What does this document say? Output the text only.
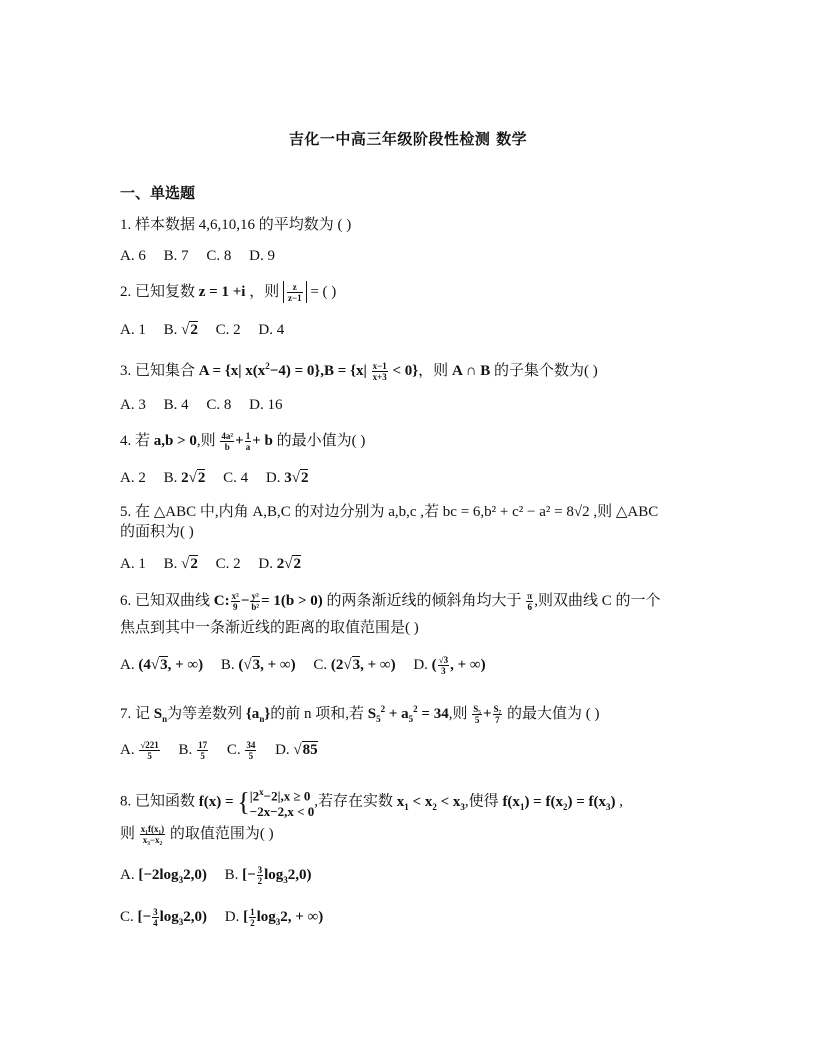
吉化一中高三年级阶段性检测 数学
一、单选题
1. 样本数据 4,6,10,16 的平均数为 ( )
A. 6 B. 7 C. 8 D. 9
2. 已知复数 z = 1 +i ，则 $\frac{z}{z-1}$ = ( )
A. 1 B. √2 C. 2 D. 4
3. 已知集合 A = {x| $x(x^2-4) = 0\},B = \{x| \frac{x-1}{x+3} < 0\}$，则 A ∩ B 的子集个数为( )
A. 3 B. 4 C. 8 D. 16
4. 若 a,b > 0,则 $\frac{\text{4a²}}{b} + \frac{1}{a} + b$ 的最小值为( )
A. 2 B. 2√2 C. 4 D. 3√2
5. 在 △ABC 中,内角 A,B,C 的对边分别为 a,b,c ,若 bc = 6,b² + c² − a² = 8√2 ,则 △ABC
的面积为( )
A. 1 B. √2 C. 2 D. 2√2
6. 已知双曲线 C: $\frac{\text{x²}}{9} - \frac{\text{y²}}{\text{b²}} = 1(b > 0)$ 的两条渐近线的倾斜角均大于 $\frac{\pi}{6}$ ,则双曲线 C 的一个
焦点到其中一条渐近线的距离的取值范围是( )
A. (4√3, + ∞) B. (√3, + ∞) C. (2√3, + ∞) D. ( $\frac{√3}{3}$ , + ∞)
7. 记 $S_n$为等差数列 $\{a_n\}$的前 n 项和,若 $S_5^2 + a_5^2 = 34$,则 $\frac{\text{S₅}}{5} + \frac{\text{S₇}}{7}$ 的最大值为 ( )
A. $\frac{√221}{5} B$. $\frac{17}{5} C$. $\frac{34}{5} D$. √85
8. 已知函数 $f(x) = \{|2^x-2|,x \ge 0$
−2x−2,x < 0,若存在实数 $x_1 < x_2 < x_3$,使得 $f(x_1) = f(x_2) = f(x_3)$ ,
则 $\frac{\text{x₁f(x₁)}}{\text{x₃−x₂}}$ 的取值范围为( )
A. $[-2\log_32,0)$ B. [− $\frac{3}{2} \log_32,0$)
C. [− $\frac{3}{4} \log_32,0$) D. [ $\frac{1}{2} \log_32$, + ∞)
